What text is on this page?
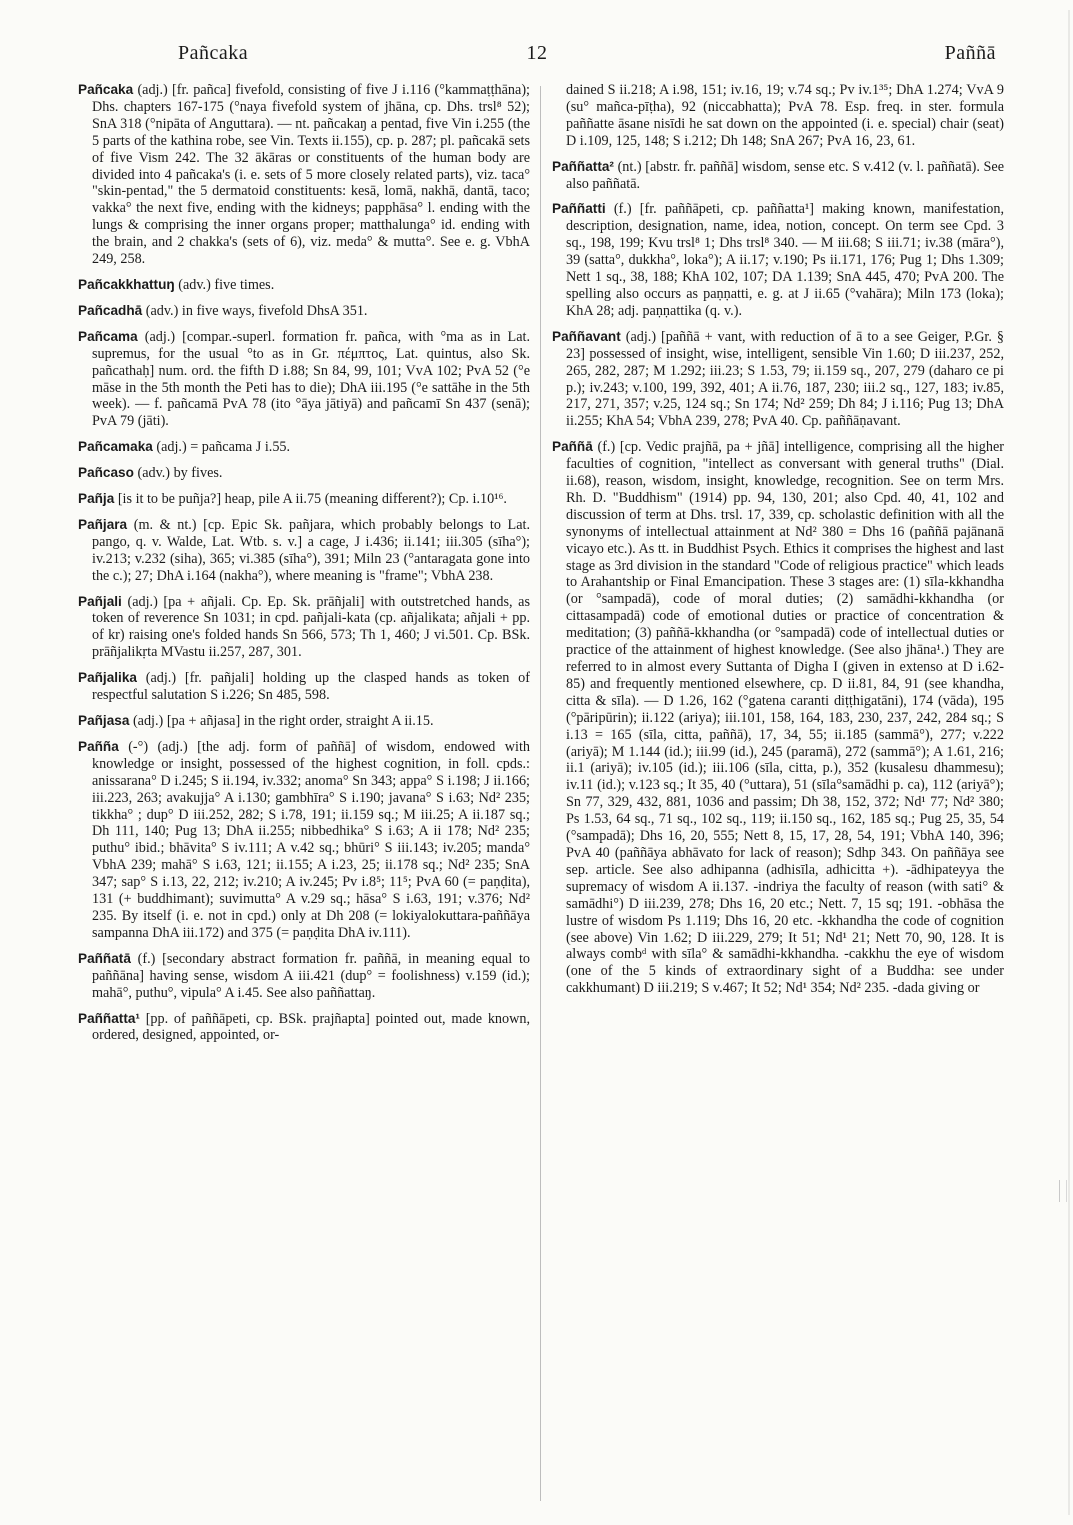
Pañcaka	12	Paññā

Pañcaka (adj.) [fr. pañca] fivefold, consisting of five J i.116 (°kammaṭṭhāna); Dhs. chapters 167-175 (°naya fivefold system of jhāna, cp. Dhs. trsl⁸ 52); SnA 318 (°nipāta of Anguttara). — nt. pañcakaŋ a pentad, five Vin i.255 (the 5 parts of the kathina robe, see Vin. Texts ii.155), cp. p. 287; pl. pañcakā sets of five Vism 242. The 32 ākāras or constituents of the human body are divided into 4 pañcaka's (i. e. sets of 5 more closely related parts), viz. taca° "skin-pentad," the 5 dermatoid constituents: kesā, lomā, nakhā, dantā, taco; vakka° the next five, ending with the kidneys; papphāsa° l. ending with the lungs & comprising the inner organs proper; matthalunga° id. ending with the brain, and 2 chakka's (sets of 6), viz. meda° & mutta°. See e. g. VbhA 249, 258.

Pañcakkhattuŋ (adv.) five times.

Pañcadhā (adv.) in five ways, fivefold DhsA 351.

Pañcama (adj.) [compar.-superl. formation fr. pañca, with °ma as in Lat. supremus, for the usual °to as in Gr. πέμπτος, Lat. quintus, also Sk. pañcathaḥ] num. ord. the fifth D i.88; Sn 84, 99, 101; VvA 102; PvA 52 (°e māse in the 5th month the Peti has to die); DhA iii.195 (°e sattāhe in the 5th week). — f. pañcamā PvA 78 (ito °āya jātiyā) and pañcamī Sn 437 (senā); PvA 79 (jāti).

Pañcamaka (adj.) = pañcama J i.55.

Pañcaso (adv.) by fives.

Pañja [is it to be puñja?] heap, pile A ii.75 (meaning different?); Cp. i.10¹⁶.

Pañjara (m. & nt.) [cp. Epic Sk. pañjara, which probably belongs to Lat. pango, q. v. Walde, Lat. Wtb. s. v.] a cage, J i.436; ii.141; iii.305 (sīha°); iv.213; v.232 (siha), 365; vi.385 (sīha°), 391; Miln 23 (°antaragata gone into the c.); 27; DhA i.164 (nakha°), where meaning is "frame"; VbhA 238.

Pañjali (adj.) [pa + añjali. Cp. Ep. Sk. prāñjali] with outstretched hands, as token of reverence Sn 1031; in cpd. pañjali-kata (cp. añjalikata; añjali + pp. of kr) raising one's folded hands Sn 566, 573; Th 1, 460; J vi.501. Cp. BSk. prāñjalikṛta MVastu ii.257, 287, 301.

Pañjalika (adj.) [fr. pañjali] holding up the clasped hands as token of respectful salutation S i.226; Sn 485, 598.

Pañjasa (adj.) [pa + añjasa] in the right order, straight A ii.15.

Pañña (-°) (adj.) [the adj. form of paññā] of wisdom, endowed with knowledge or insight, possessed of the highest cognition, in foll. cpds.: anissarana° D i.245; S ii.194, iv.332; anoma° Sn 343; appa° S i.198; J ii.166; iii.223, 263; avakujja° A i.130; gambhīra° S i.190; javana° S i.63; Nd² 235; tikkha° ; dup° D iii.252, 282; S i.78, 191; ii.159 sq.; M iii.25; A ii.187 sq.; Dh 111, 140; Pug 13; DhA ii.255; nibbedhika° S i.63; A ii 178; Nd² 235; puthu° ibid.; bhāvita° S iv.111; A v.42 sq.; bhūri° S iii.143; iv.205; manda° VbhA 239; mahā° S i.63, 121; ii.155; A i.23, 25; ii.178 sq.; Nd² 235; SnA 347; sap° S i.13, 22, 212; iv.210; A iv.245; Pv i.8⁵; 11⁵; PvA 60 (= paṇḍita), 131 (+ buddhimant); suvimutta° A v.29 sq.; hāsa° S i.63, 191; v.376; Nd² 235. By itself (i. e. not in cpd.) only at Dh 208 (= lokiyalokuttara-paññāya sampanna DhA iii.172) and 375 (= paṇḍita DhA iv.111).

Paññatā (f.) [secondary abstract formation fr. paññā, in meaning equal to paññāna] having sense, wisdom A iii.421 (dup° = foolishness) v.159 (id.); mahā°, puthu°, vipula° A i.45. See also paññattaŋ.

Paññatta¹ [pp. of paññāpeti, cp. BSk. prajñapta] pointed out, made known, ordered, designed, appointed, or-

dained S ii.218; A i.98, 151; iv.16, 19; v.74 sq.; Pv iv.1³⁵; DhA 1.274; VvA 9 (su° mañca-pīṭha), 92 (niccabhatta); PvA 78. Esp. freq. in ster. formula paññatte āsane nisīdi he sat down on the appointed (i. e. special) chair (seat) D i.109, 125, 148; S i.212; Dh 148; SnA 267; PvA 16, 23, 61.

Paññatta² (nt.) [abstr. fr. paññā] wisdom, sense etc. S v.412 (v. l. paññatā). See also paññatā.

Paññatti (f.) [fr. paññāpeti, cp. paññatta¹] making known, manifestation, description, designation, name, idea, notion, concept. On term see Cpd. 3 sq., 198, 199; Kvu trsl⁸ 1; Dhs trsl⁸ 340. — M iii.68; S iii.71; iv.38 (māra°), 39 (satta°, dukkha°, loka°); A ii.17; v.190; Ps ii.171, 176; Pug 1; Dhs 1.309; Nett 1 sq., 38, 188; KhA 102, 107; DA 1.139; SnA 445, 470; PvA 200. The spelling also occurs as paṇṇatti, e. g. at J ii.65 (°vahāra); Miln 173 (loka); KhA 28; adj. paṇṇattika (q. v.).

Paññavant (adj.) [paññā + vant, with reduction of ā to a see Geiger, P.Gr. § 23] possessed of insight, wise, intelligent, sensible Vin 1.60; D iii.237, 252, 265, 282, 287; M 1.292; iii.23; S 1.53, 79; ii.159 sq., 207, 279 (daharo ce pi p.); iv.243; v.100, 199, 392, 401; A ii.76, 187, 230; iii.2 sq., 127, 183; iv.85, 217, 271, 357; v.25, 124 sq.; Sn 174; Nd² 259; Dh 84; J i.116; Pug 13; DhA ii.255; KhA 54; VbhA 239, 278; PvA 40. Cp. paññāṇavant.

Paññā (f.) [cp. Vedic prajñā, pa + jñā] intelligence, comprising all the higher faculties of cognition, "intellect as conversant with general truths" (Dial. ii.68), reason, wisdom, insight, knowledge, recognition. See on term Mrs. Rh. D. "Buddhism" (1914) pp. 94, 130, 201; also Cpd. 40, 41, 102 and discussion of term at Dhs. trsl. 17, 339, cp. scholastic definition with all the synonyms of intellectual attainment at Nd² 380 = Dhs 16 (paññā pajānanā vicayo etc.). As tt. in Buddhist Psych. Ethics it comprises the highest and last stage as 3rd division in the standard "Code of religious practice" which leads to Arahantship or Final Emancipation. These 3 stages are: (1) sīla-kkhandha (or °sampadā), code of moral duties; (2) samādhi-kkhandha (or cittasampadā) code of emotional duties or practice of concentration & meditation; (3) paññā-kkhandha (or °sampadā) code of intellectual duties or practice of the attainment of highest knowledge. (See also jhāna¹.) They are referred to in almost every Suttanta of Digha I (given in extenso at D i.62-85) and frequently mentioned elsewhere, cp. D ii.81, 84, 91 (see khandha, citta & sīla). — D 1.26, 162 (°gatena caranti diṭṭhigatāni), 174 (vāda), 195 (°pāripūrin); ii.122 (ariya); iii.101, 158, 164, 183, 230, 237, 242, 284 sq.; S i.13 = 165 (sīla, citta, paññā), 17, 34, 55; ii.185 (sammā°), 277; v.222 (ariyā); M 1.144 (id.); iii.99 (id.), 245 (paramā), 272 (sammā°); A 1.61, 216; ii.1 (ariyā); iv.105 (id.); iii.106 (sīla, citta, p.), 352 (kusalesu dhammesu); iv.11 (id.); v.123 sq.; It 35, 40 (°uttara), 51 (sīla°samādhi p. ca), 112 (ariyā°); Sn 77, 329, 432, 881, 1036 and passim; Dh 38, 152, 372; Nd¹ 77; Nd² 380; Ps 1.53, 64 sq., 71 sq., 102 sq., 119; ii.150 sq., 162, 185 sq.; Pug 25, 35, 54 (°sampadā); Dhs 16, 20, 555; Nett 8, 15, 17, 28, 54, 191; VbhA 140, 396; PvA 40 (paññāya abhāvato for lack of reason); Sdhp 343. On paññāya see sep. article. See also adhipanna (adhisīla, adhicitta +). -ādhipateyya the supremacy of wisdom A ii.137. -indriya the faculty of reason (with sati° & samādhi°) D iii.239, 278; Dhs 16, 20 etc.; Nett. 7, 15 sq; 191. -obhāsa the lustre of wisdom Ps 1.119; Dhs 16, 20 etc. -kkhandha the code of cognition (see above) Vin 1.62; D iii.229, 279; It 51; Nd¹ 21; Nett 70, 90, 128. It is always combᵈ with sīla° & samādhi-kkhandha. -cakkhu the eye of wisdom (one of the 5 kinds of extraordinary sight of a Buddha: see under cakkhumant) D iii.219; S v.467; It 52; Nd¹ 354; Nd² 235. -dada giving or
